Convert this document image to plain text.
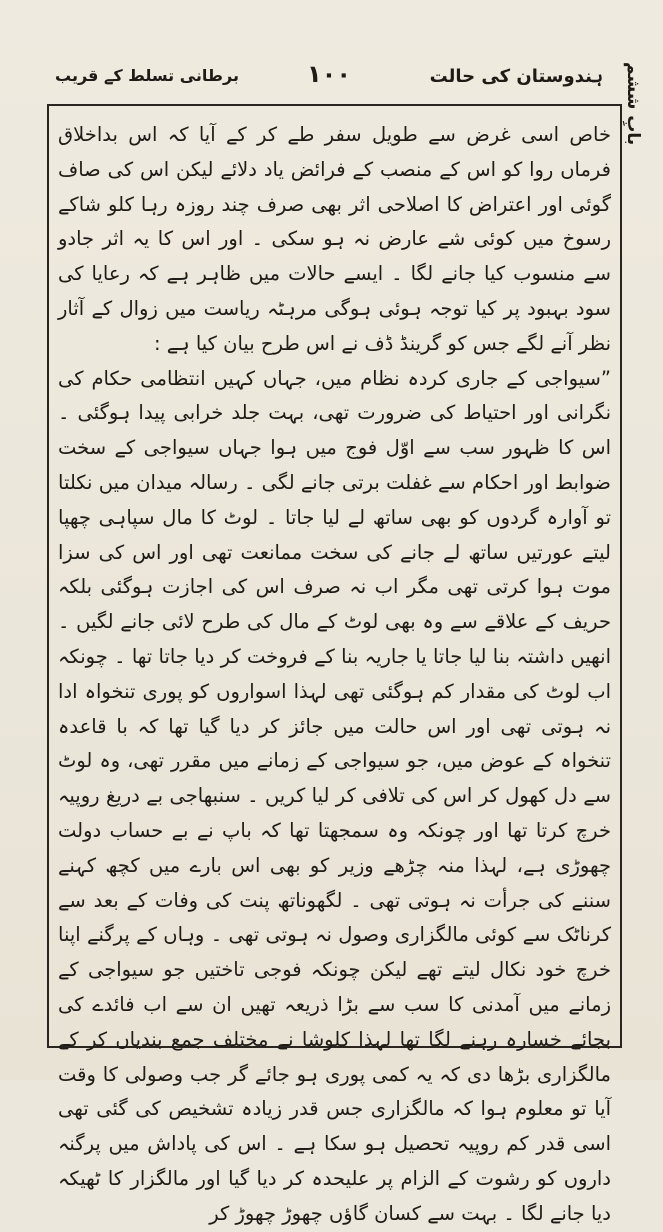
ہندوستان کی حالت
۱۰۰
برطانی تسلط کے قریب	بابِ ششم

خاص اسی غرض سے طویل سفر طے کر کے آیا کہ اس بداخلاق فرماں روا کو اس کے منصب کے فرائض یاد دلائے لیکن اس کی صاف گوئی اور اعتراض کا اصلاحی اثر بھی صرف چند روزہ رہا کلو شاکے رسوخ میں کوئی شے عارض نہ ہو سکی ۔ اور اس کا یہ اثر جادو سے منسوب کیا جانے لگا ۔ ایسے حالات میں ظاہر ہے کہ رعایا کی سود بہبود پر کیا توجہ ہوئی ہوگی مرہٹہ ریاست میں زوال کے آثار نظر آنے لگے جس کو گرینڈ ڈف نے اس طرح بیان کیا ہے :

”سیواجی کے جاری کردہ نظام میں، جہاں کہیں انتظامی حکام کی نگرانی اور احتیاط کی ضرورت تھی، بہت جلد خرابی پیدا ہوگئی ۔ اس کا ظہور سب سے اوّل فوج میں ہوا جہاں سیواجی کے سخت ضوابط اور احکام سے غفلت برتی جانے لگی ۔ رسالہ میدان میں نکلتا تو آوارہ گردوں کو بھی ساتھ لے لیا جاتا ۔ لوٹ کا مال سپاہی چھپا لیتے عورتیں ساتھ لے جانے کی سخت ممانعت تھی اور اس کی سزا موت ہوا کرتی تھی مگر اب نہ صرف اس کی اجازت ہوگئی بلکہ حریف کے علاقے سے وہ بھی لوٹ کے مال کی طرح لائی جانے لگیں ۔ انھیں داشتہ بنا لیا جاتا یا جاریہ بنا کے فروخت کر دیا جاتا تھا ۔ چونکہ اب لوٹ کی مقدار کم ہوگئی تھی لہذا اسواروں کو پوری تنخواہ ادا نہ ہوتی تھی اور اس حالت میں جائز کر دیا گیا تھا کہ با قاعدہ تنخواہ کے عوض میں، جو سیواجی کے زمانے میں مقرر تھی، وہ لوٹ سے دل کھول کر اس کی تلافی کر لیا کریں ۔ سنبھاجی بے دریغ روپیہ خرچ کرتا تھا اور چونکہ وہ سمجھتا تھا کہ باپ نے بے حساب دولت چھوڑی ہے، لہذا منہ چڑھے وزیر کو بھی اس بارے میں کچھ کہنے سننے کی جرأت نہ ہوتی تھی ۔ لگھوناتھ پنت کی وفات کے بعد سے کرناٹک سے کوئی مالگزاری وصول نہ ہوتی تھی ۔ وہاں کے پرگنے اپنا خرچ خود نکال لیتے تھے لیکن چونکہ فوجی تاختیں جو سیواجی کے زمانے میں آمدنی کا سب سے بڑا ذریعہ تھیں ان سے اب فائدے کی بجائے خسارہ رہنے لگا تھا لہذا کلوشا نے مختلف جمع بندیاں کر کے مالگزاری بڑھا دی کہ یہ کمی پوری ہو جائے گر جب وصولی کا وقت آیا تو معلوم ہوا کہ مالگزاری جس قدر زیادہ تشخیص کی گئی تھی اسی قدر کم روپیہ تحصیل ہو سکا ہے ۔ اس کی پاداش میں پرگنہ داروں کو رشوت کے الزام پر علیحدہ کر دیا گیا اور مالگزار کا ٹھیکہ دیا جانے لگا ۔ بہت سے کسان گاؤں چھوڑ چھوڑ کر
